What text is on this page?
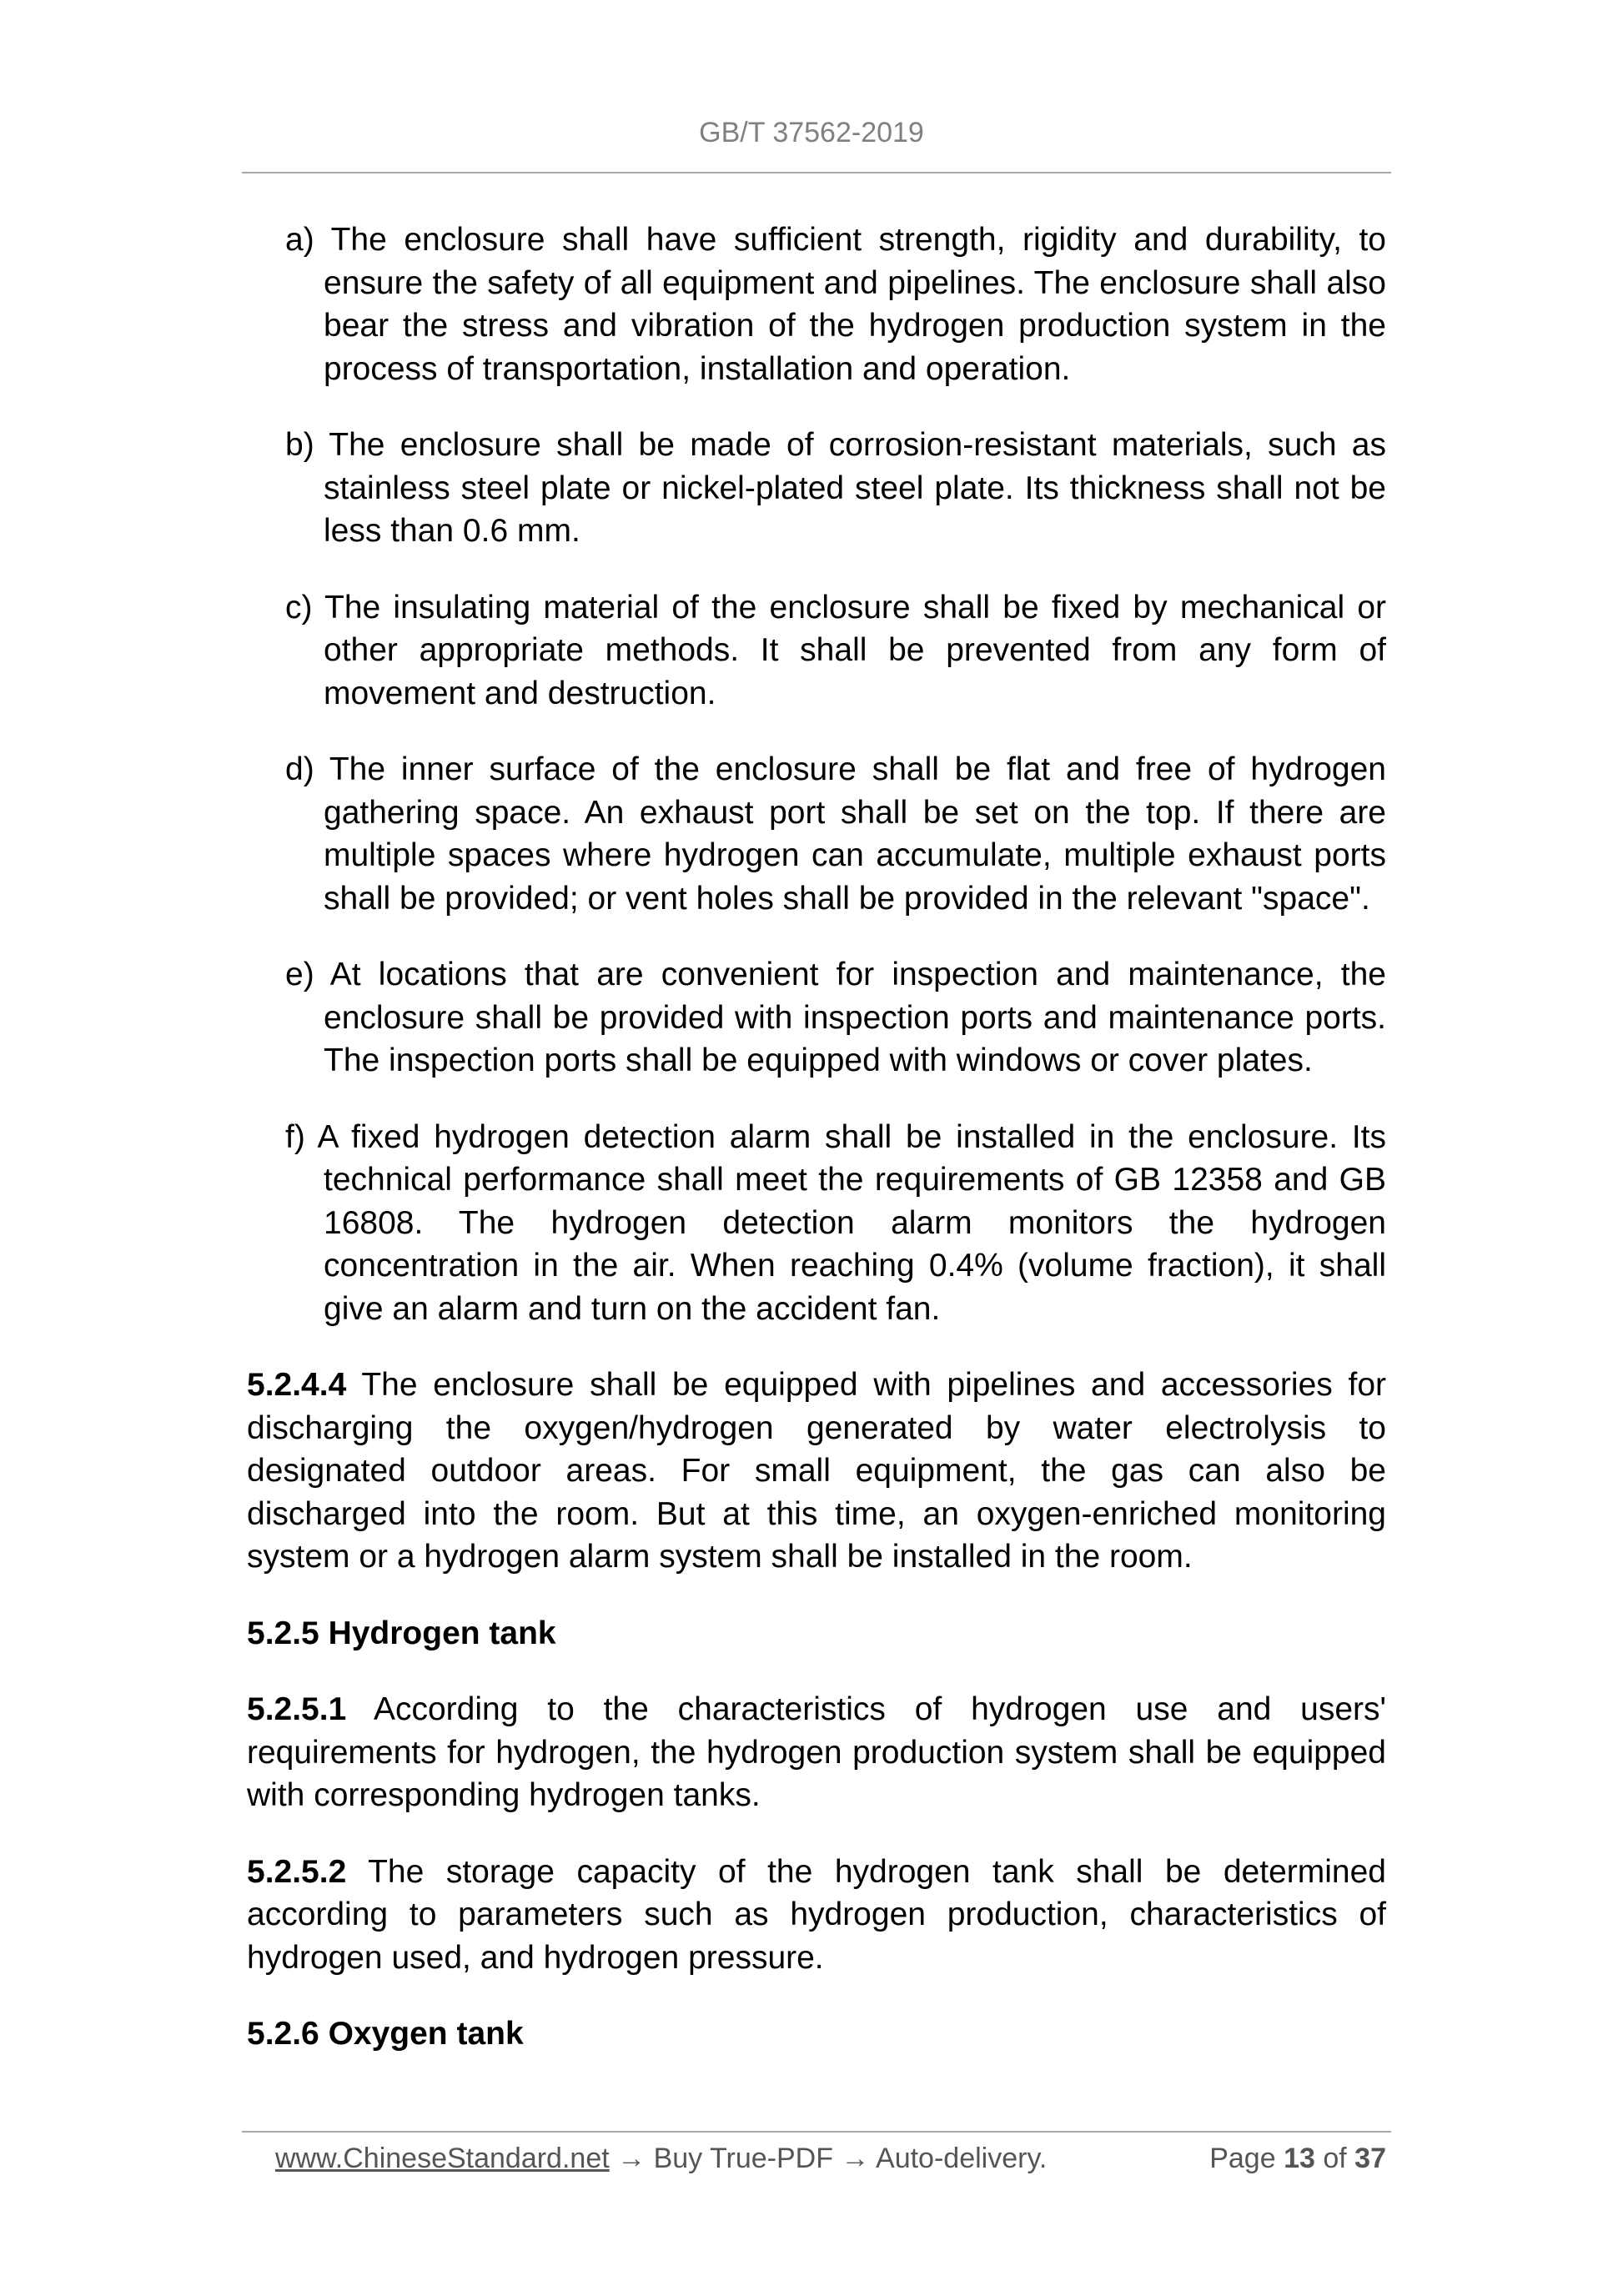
GB/T 37562-2019
a) The enclosure shall have sufficient strength, rigidity and durability, to ensure the safety of all equipment and pipelines. The enclosure shall also bear the stress and vibration of the hydrogen production system in the process of transportation, installation and operation.
b) The enclosure shall be made of corrosion-resistant materials, such as stainless steel plate or nickel-plated steel plate. Its thickness shall not be less than 0.6 mm.
c) The insulating material of the enclosure shall be fixed by mechanical or other appropriate methods. It shall be prevented from any form of movement and destruction.
d) The inner surface of the enclosure shall be flat and free of hydrogen gathering space. An exhaust port shall be set on the top. If there are multiple spaces where hydrogen can accumulate, multiple exhaust ports shall be provided; or vent holes shall be provided in the relevant "space".
e) At locations that are convenient for inspection and maintenance, the enclosure shall be provided with inspection ports and maintenance ports. The inspection ports shall be equipped with windows or cover plates.
f) A fixed hydrogen detection alarm shall be installed in the enclosure. Its technical performance shall meet the requirements of GB 12358 and GB 16808. The hydrogen detection alarm monitors the hydrogen concentration in the air. When reaching 0.4% (volume fraction), it shall give an alarm and turn on the accident fan.
5.2.4.4 The enclosure shall be equipped with pipelines and accessories for discharging the oxygen/hydrogen generated by water electrolysis to designated outdoor areas. For small equipment, the gas can also be discharged into the room. But at this time, an oxygen-enriched monitoring system or a hydrogen alarm system shall be installed in the room.
5.2.5 Hydrogen tank
5.2.5.1 According to the characteristics of hydrogen use and users' requirements for hydrogen, the hydrogen production system shall be equipped with corresponding hydrogen tanks.
5.2.5.2 The storage capacity of the hydrogen tank shall be determined according to parameters such as hydrogen production, characteristics of hydrogen used, and hydrogen pressure.
5.2.6 Oxygen tank
www.ChineseStandard.net → Buy True-PDF → Auto-delivery.	Page 13 of 37
